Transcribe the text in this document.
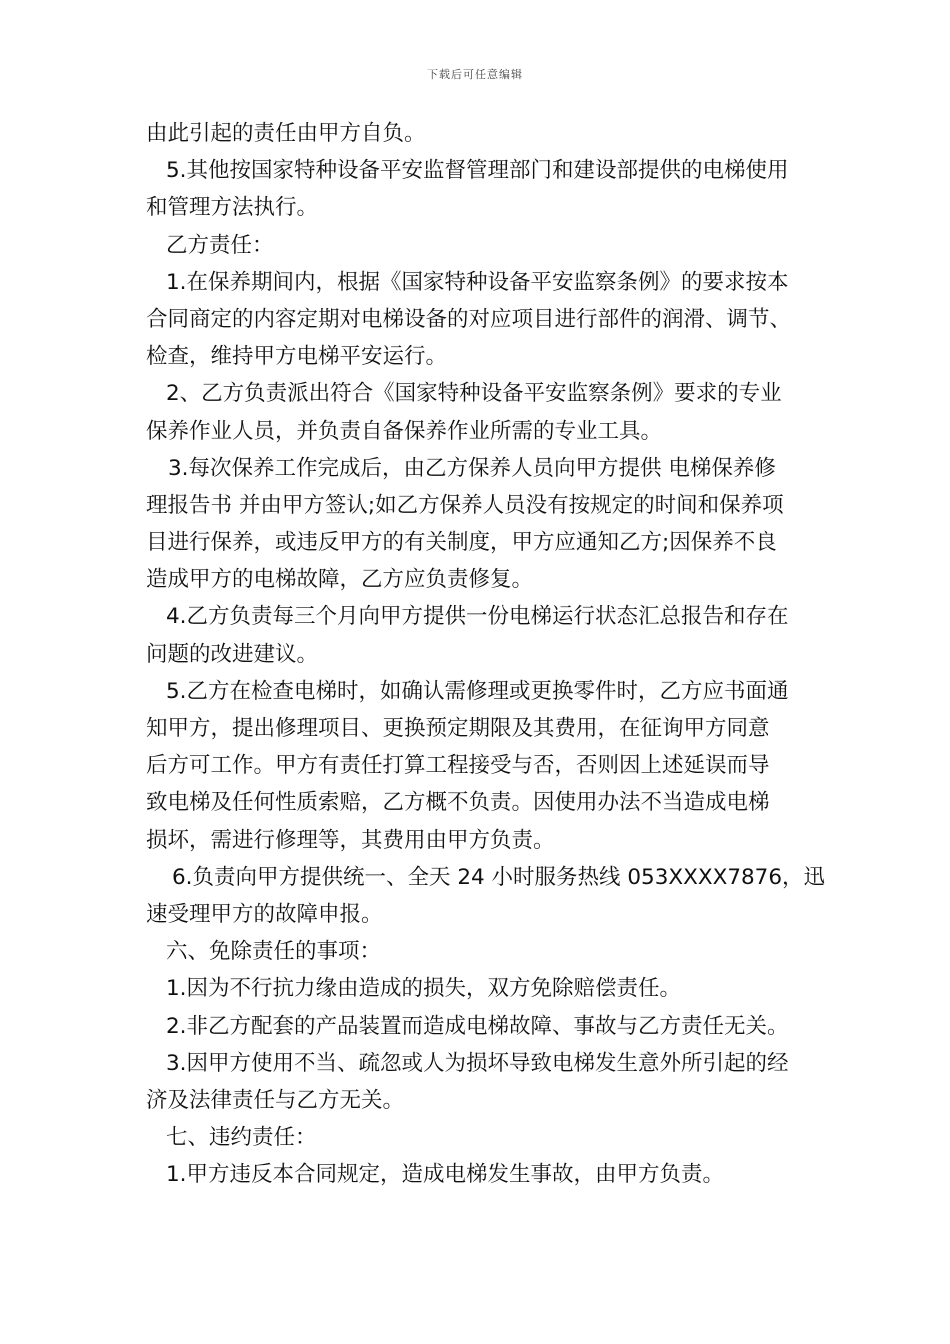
下载后可任意编辑
由此引起的责任由甲方自负。
5.其他按国家特种设备平安监督管理部门和建设部提供的电梯使用
和管理方法执行。
乙方责任：
1.在保养期间内，根据《国家特种设备平安监察条例》的要求按本
合同商定的内容定期对电梯设备的对应项目进行部件的润滑、调节、
检查，维持甲方电梯平安运行。
2、乙方负责派出符合《国家特种设备平安监察条例》要求的专业
保养作业人员，并负责自备保养作业所需的专业工具。
3.每次保养工作完成后，由乙方保养人员向甲方提供 电梯保养修
理报告书 并由甲方签认;如乙方保养人员没有按规定的时间和保养项
目进行保养，或违反甲方的有关制度，甲方应通知乙方;因保养不良
造成甲方的电梯故障，乙方应负责修复。
4.乙方负责每三个月向甲方提供一份电梯运行状态汇总报告和存在
问题的改进建议。
5.乙方在检查电梯时，如确认需修理或更换零件时，乙方应书面通
知甲方，提出修理项目、更换预定期限及其费用，在征询甲方同意
后方可工作。甲方有责任打算工程接受与否，否则因上述延误而导
致电梯及任何性质索赔，乙方概不负责。因使用办法不当造成电梯
损坏，需进行修理等，其费用由甲方负责。
6.负责向甲方提供统一、全天 24 小时服务热线 053XXXX7876，迅
速受理甲方的故障申报。
六、免除责任的事项：
1.因为不行抗力缘由造成的损失，双方免除赔偿责任。
2.非乙方配套的产品装置而造成电梯故障、事故与乙方责任无关。
3.因甲方使用不当、疏忽或人为损坏导致电梯发生意外所引起的经
济及法律责任与乙方无关。
七、违约责任：
1.甲方违反本合同规定，造成电梯发生事故，由甲方负责。
